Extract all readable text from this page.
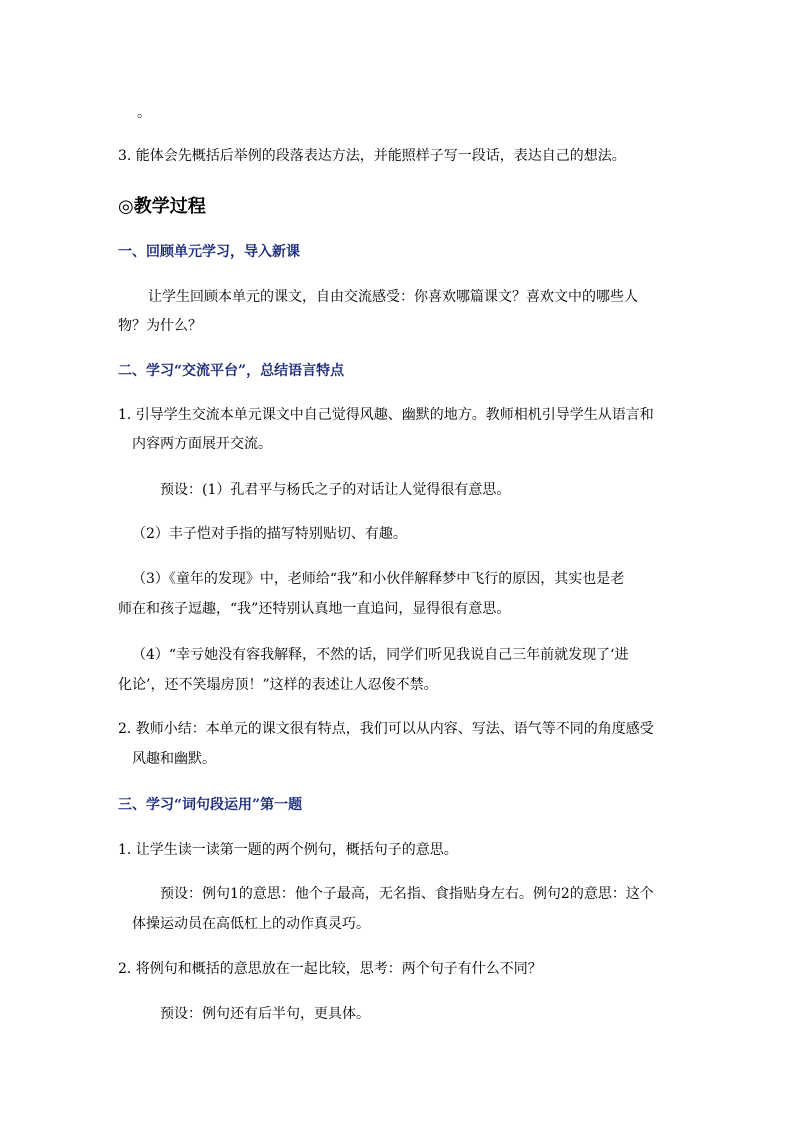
。
3. 能体会先概括后举例的段落表达方法，并能照样子写一段话，表达自己的想法。
◎教学过程
一、回顾单元学习，导入新课
让学生回顾本单元的课文，自由交流感受：你喜欢哪篇课文？喜欢文中的哪些人
物？为什么？
二、学习“交流平台”，总结语言特点
1. 引导学生交流本单元课文中自己觉得风趣、幽默的地方。教师相机引导学生从语言和
内容两方面展开交流。
预设：(1）孔君平与杨氏之子的对话让人觉得很有意思。
（2）丰子恺对手指的描写特别贴切、有趣。
（3）《童年的发现》中，老师给“我”和小伙伴解释梦中飞行的原因，其实也是老
师在和孩子逗趣，“我”还特别认真地一直追问，显得很有意思。
（4）“幸亏她没有容我解释，不然的话，同学们听见我说自己三年前就发现了‘进
化论’，还不笑塌房顶！”这样的表述让人忍俊不禁。
2. 教师小结：本单元的课文很有特点，我们可以从内容、写法、语气等不同的角度感受
风趣和幽默。
三、学习“词句段运用”第一题
1. 让学生读一读第一题的两个例句，概括句子的意思。
预设：例句1的意思：他个子最高，无名指、食指贴身左右。例句2的意思：这个
体操运动员在高低杠上的动作真灵巧。
2. 将例句和概括的意思放在一起比较，思考：两个句子有什么不同？
预设：例句还有后半句，更具体。
